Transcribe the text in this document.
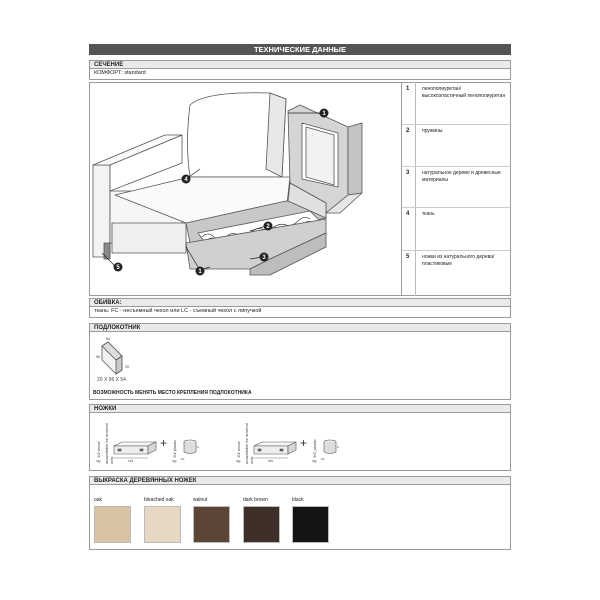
ТЕХНИЧЕСКИЕ ДАННЫЕ
СЕЧЕНИЕ
КОМФОРТ: standard
1
4
2
1
3
5
1	пенополиуретан/ высокоэластичный пенополиуретан
2	пружины
3	натуральное дерево и древесные материалы
4	ткань
5	ножки из натурального дерева/пластиковые
ОБИВКА:
ткань: FC - несъемный чехол или LC - съемный чехол с липучкой
ПОДЛОКОТНИК
96
20
54
20 X 96 X 54
ВОЗМОЖНОСТЬ МЕНЯТЬ МЕСТО КРЕПЛЕНИЯ ПОДЛОКОТНИКА
НОЖКИ
№ 10/ wood unavailable for armrest only	130
+ № 20/ plastic	6
10	№ 10/ wood unavailable for armrest only	155
+ № 3/C plastic	6
10
ВЫКРАСКА ДЕРЕВЯННЫХ НОЖЕК
oak	bleached oak	walnut	dark brown	black
